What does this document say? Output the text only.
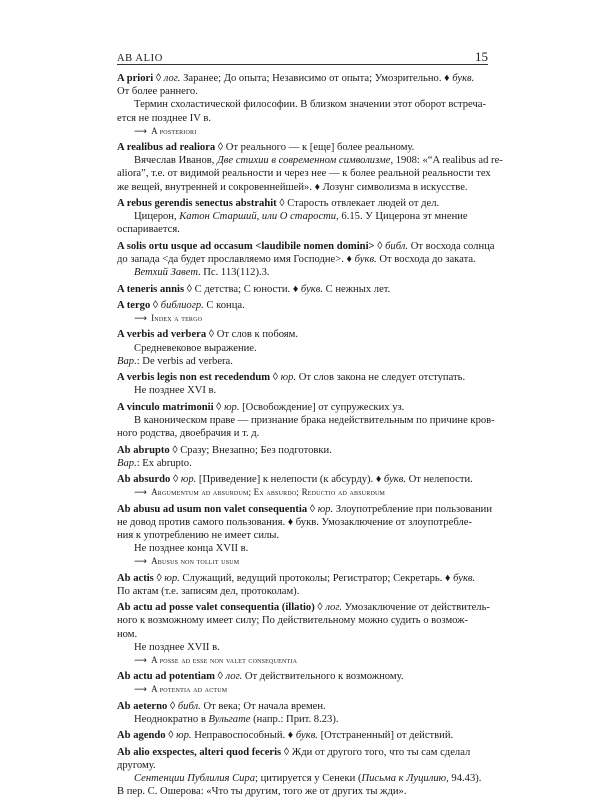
AB ALIO	15
A priori ◊ лог. Заранее; До опыта; Независимо от опыта; Умозрительно. ♦ букв.
От более раннего.
Термин схоластической философии. В близком значении этот оборот встреча-
ется не позднее IV в.
⟶ A posteriori
A realibus ad realiora ◊ От реального — к [еще] более реальному.
Вячеслав Иванов, Две стихии в современном символизме, 1908: «“A realibus ad re-
aliora”, т.е. от видимой реальности и через нее — к более реальной реальности тех
же вещей, внутренней и сокровеннейшей». ♦ Лозунг символизма в искусстве.
A rebus gerendis senectus abstrahit ◊ Старость отвлекает людей от дел.
Цицерон, Катон Старший, или О старости, 6.15. У Цицерона эт мнение
оспаривается.
A solis ortu usque ad occasum <laudibile nomen domini> ◊ библ. От восхода солнца
до запада <да будет прославляемо имя Господне>. ♦ букв. От восхода до заката.
Ветхий Завет. Пс. 113(112).3.
A teneris annis ◊ С детства; С юности. ♦ букв. С нежных лет.
A tergo ◊ библиогр. С конца.
⟶ Index a tergo
A verbis ad verbera ◊ От слов к побоям.
Средневековое выражение.
Вар.: De verbis ad verbera.
A verbis legis non est recedendum ◊ юр. От слов закона не следует отступать.
Не позднее XVI в.
A vinculo matrimonii ◊ юр. [Освобождение] от супружеских уз.
В каноническом праве — признание брака недействительным по причине кров-
ного родства, двоебрачия и т. д.
Ab abrupto ◊ Сразу; Внезапно; Без подготовки.
Вар.: Ex abrupto.
Ab absurdo ◊ юр. [Приведение] к нелепости (к абсурду). ♦ букв. От нелепости.
⟶ Argumentum ad absurdum; Ex absurdo; Reductio ad absurdum
Ab abusu ad usum non valet consequentia ◊ юр. Злоупотребление при пользовании
не довод против самого пользования. ♦ букв. Умозаключение от злоупотребле-
ния к употреблению не имеет силы.
Не позднее конца XVII в.
⟶ Abusus non tollit usum
Ab actis ◊ юр. Служащий, ведущий протоколы; Регистратор; Секретарь. ♦ букв.
По актам (т.е. записям дел, протоколам).
Ab actu ad posse valet consequentia (illatio) ◊ лог. Умозаключение от действитель-
ного к возможному имеет силу; По действительному можно судить о возмож-
ном.
Не позднее XVII в.
⟶ A posse ad esse non valet consequentia
Ab actu ad potentiam ◊ лог. От действительного к возможному.
⟶ A potentia ad actum
Ab aeterno ◊ библ. От века; От начала времен.
Неоднократно в Вульгате (напр.: Прит. 8.23).
Ab agendo ◊ юр. Неправоспособный. ♦ букв. [Отстраненный] от действий.
Ab alio exspectes, alteri quod feceris ◊ Жди от другого того, что ты сам сделал
другому.
Сентенции Публилия Сира; цитируется у Сенеки (Письма к Луцилию, 94.43).
В пер. С. Ошерова: «Что ты другим, того же от других ты жди».
